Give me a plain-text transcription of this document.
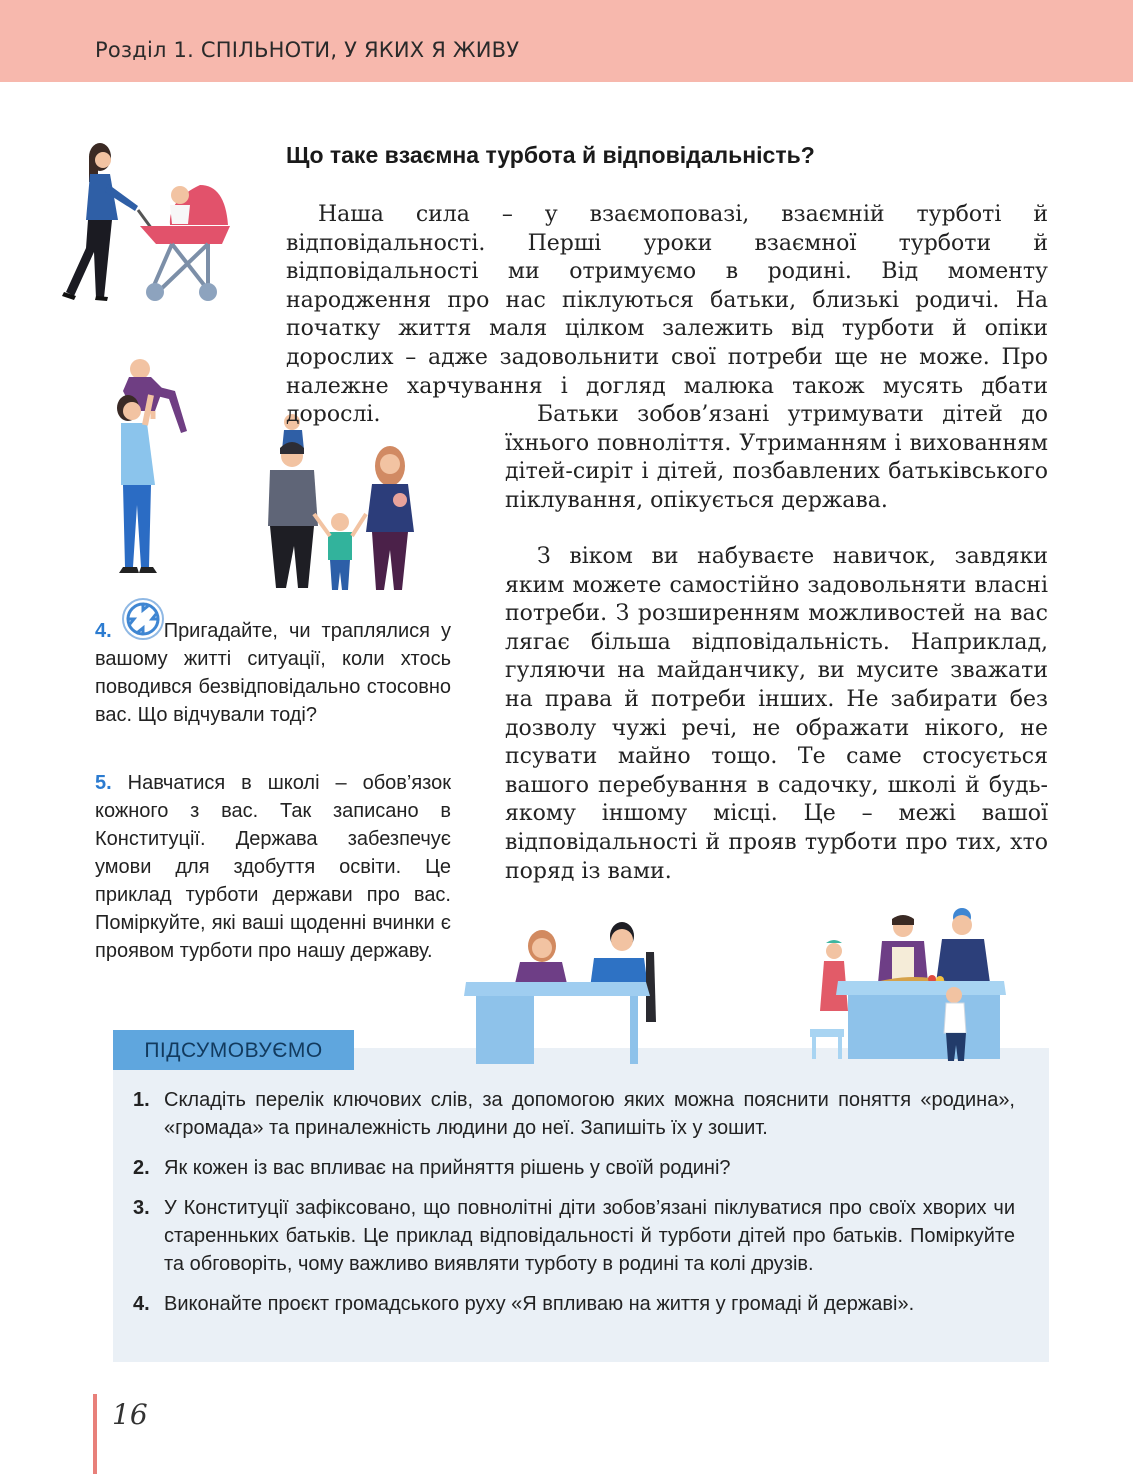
Розділ 1. СПІЛЬНОТИ, У ЯКИХ Я ЖИВУ
Що таке взаємна турбота й відповідальність?

Наша сила – у взаємоповазі, взаємній турботі й відповідальності. Перші уроки взаємної турботи й відповідальності ми отримуємо в родині. Від моменту народження про нас піклуються батьки, близькі родичі. На початку життя маля цілком залежить від турботи й опіки дорослих – адже задовольнити свої потреби ще не може. Про належне харчування і догляд малюка також мусять дбати дорослі.	Батьки зобов’язані утримувати дітей до їхнього повноліття. Утриманням і вихованням дітей-сиріт і дітей, позбавлених батьківського піклування, опікується держава.

З віком ви набуваєте навичок, завдяки яким можете самостійно задовольняти власні потреби. З розширенням можливостей на вас лягає більша відповідальність. Наприклад, гуляючи на майданчику, ви мусите зважати на права й потреби інших. Не забирати без дозволу чужі речі, не ображати нікого, не псувати майно тощо. Те саме стосується вашого перебування в садочку, школі й будь-якому іншому місці. Це – межі вашої відповідальності й прояв турботи про тих, хто поряд із вами.

4.	Пригадайте, чи траплялися у вашому житті ситуації, коли хтось поводився безвідповідально стосовно вас. Що відчували тоді?

5. Навчатися в школі – обов’язок кожного з вас. Так записано в Конституції. Держава забезпечує умови для здобуття освіти. Це приклад турботи держави про вас. Поміркуйте, які ваші щоденні вчинки є проявом турботи про нашу державу.

ПІДСУМОВУЄМО
1. Складіть перелік ключових слів, за допомогою яких можна пояснити поняття «родина», «громада» та приналежність людини до неї. Запишіть їх у зошит.
2. Як кожен із вас впливає на прийняття рішень у своїй родині?
3. У Конституції зафіксовано, що повнолітні діти зобов’язані піклуватися про своїх хворих чи старенньких батьків. Це приклад відповідальності й турботи дітей про батьків. Поміркуйте та обговоріть, чому важливо виявляти турботу в родині та колі друзів.
4. Виконайте проєкт громадського руху «Я впливаю на життя у громаді й державі».
16
